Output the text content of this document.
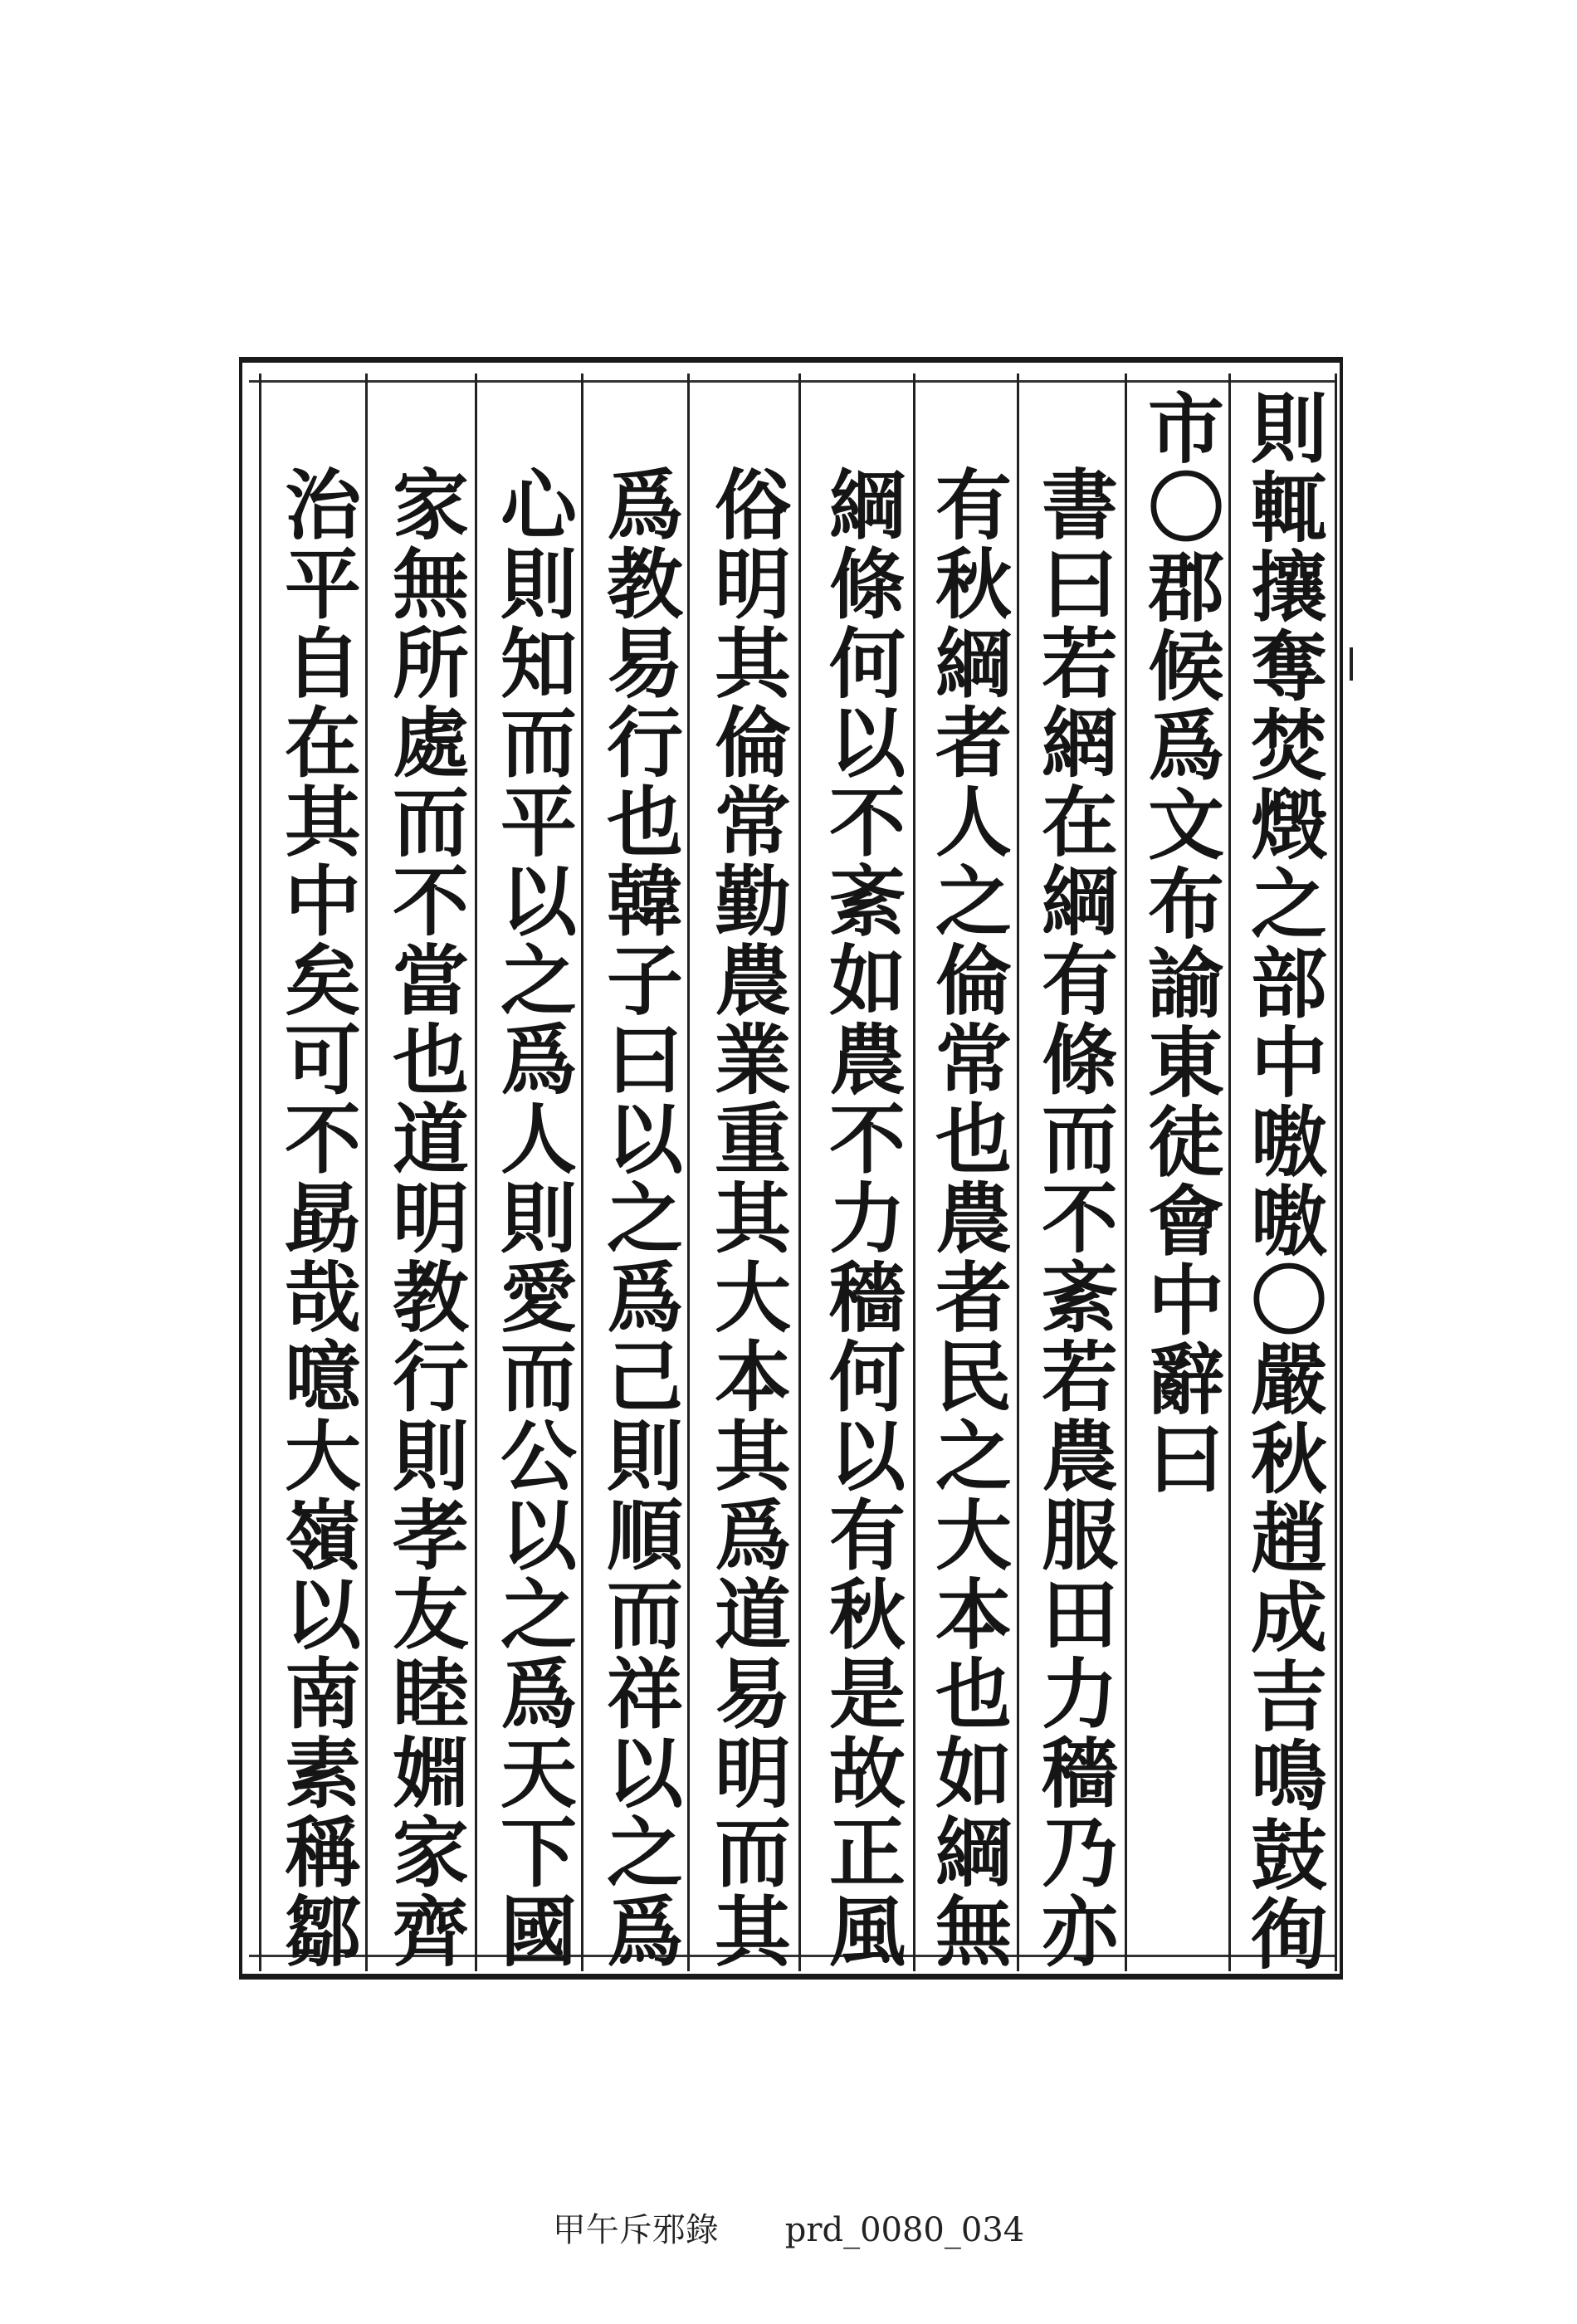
則輒攘奪焚燬之部中嗷嗷〇嚴秋趙成吉鳴鼓徇
市〇郡候爲文布諭東徒會中辭曰
書曰若網在綱有條而不紊若農服田力穡乃亦
有秋綱者人之倫常也農者民之大本也如綱無
綱條何以不紊如農不力穡何以有秋是故正風
俗明其倫常勤農業重其大本其爲道易明而其
爲教易行也韓子曰以之爲己則順而祥以之爲
心則知而平以之爲人則愛而公以之爲天下國
家無所處而不當也道明教行則孝友睦婣家齊
治平自在其中矣可不勗哉噫大嶺以南素稱鄒
甲午斥邪錄 prd_0080_034
